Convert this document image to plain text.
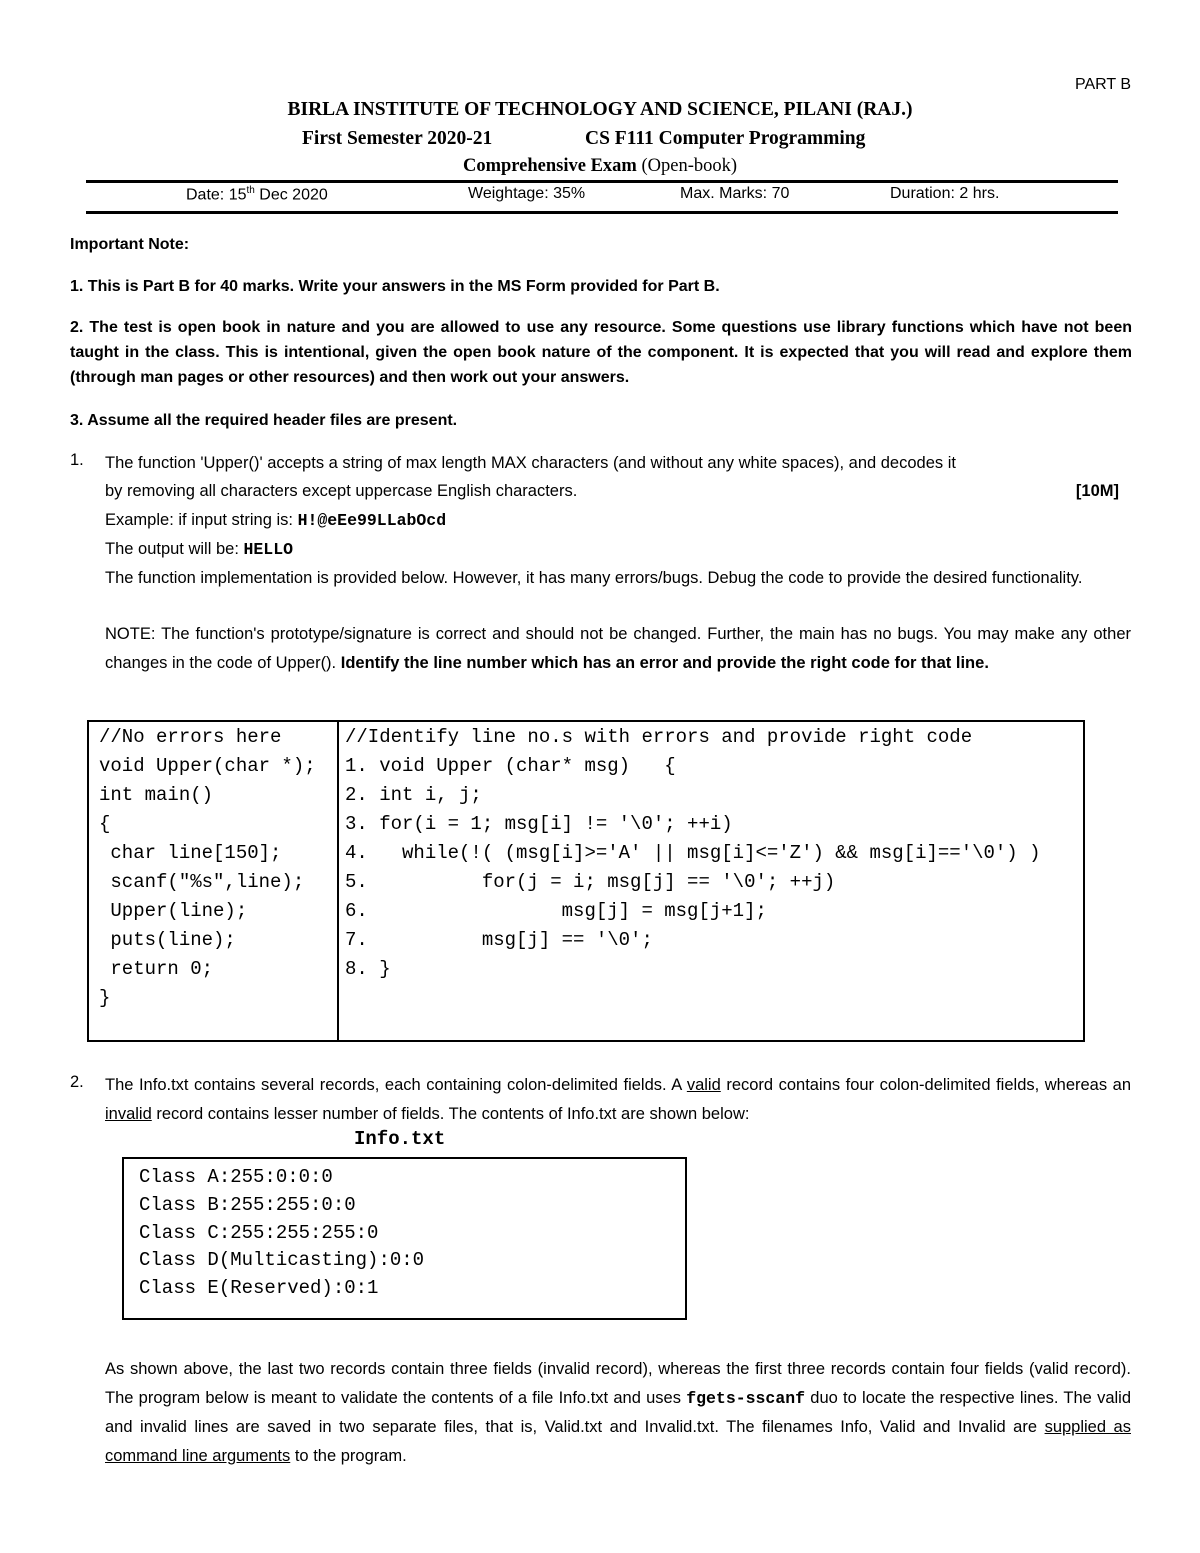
PART B
BIRLA INSTITUTE OF TECHNOLOGY AND SCIENCE, PILANI (RAJ.)
First Semester 2020-21	CS F111 Computer Programming
Comprehensive Exam (Open-book)
Date: 15th Dec 2020	Weightage: 35%	Max. Marks: 70	Duration: 2 hrs.
Important Note:
1. This is Part B for 40 marks. Write your answers in the MS Form provided for Part B.
2. The test is open book in nature and you are allowed to use any resource. Some questions use library functions which have not been taught in the class. This is intentional, given the open book nature of the component. It is expected that you will read and explore them (through man pages or other resources) and then work out your answers.
3. Assume all the required header files are present.
1. The function 'Upper()' accepts a string of max length MAX characters (and without any white spaces), and decodes it
by removing all characters except uppercase English characters.	[10M]
Example: if input string is: H!@eEe99LLabOcd
The output will be: HELLO
The function implementation is provided below. However, it has many errors/bugs. Debug the code to provide the desired functionality.
NOTE: The function's prototype/signature is correct and should not be changed. Further, the main has no bugs. You may make any other changes in the code of Upper(). Identify the line number which has an error and provide the right code for that line.
//No errors here
void Upper(char *);
int main()
{
char line[150];
scanf("%s",line);
Upper(line);
puts(line);
return 0;
}
//Identify line no.s with errors and provide right code
1. void Upper (char* msg)   {
2. int i, j;
3. for(i = 1; msg[i] != '\0'; ++i)
4.   while(!( (msg[i]>='A' || msg[i]<='Z') && msg[i]=='\0') )
5.          for(j = i; msg[j] == '\0'; ++j)
6.                 msg[j] = msg[j+1];
7.          msg[j] == '\0';
8. }
2. The Info.txt contains several records, each containing colon-delimited fields. A valid record contains four colon-delimited fields, whereas an invalid record contains lesser number of fields. The contents of Info.txt are shown below:
Info.txt
Class A:255:0:0:0
Class B:255:255:0:0
Class C:255:255:255:0
Class D(Multicasting):0:0
Class E(Reserved):0:1
As shown above, the last two records contain three fields (invalid record), whereas the first three records contain four fields (valid record). The program below is meant to validate the contents of a file Info.txt and uses fgets-sscanf duo to locate the respective lines. The valid and invalid lines are saved in two separate files, that is, Valid.txt and Invalid.txt. The filenames Info, Valid and Invalid are supplied as command line arguments to the program.
